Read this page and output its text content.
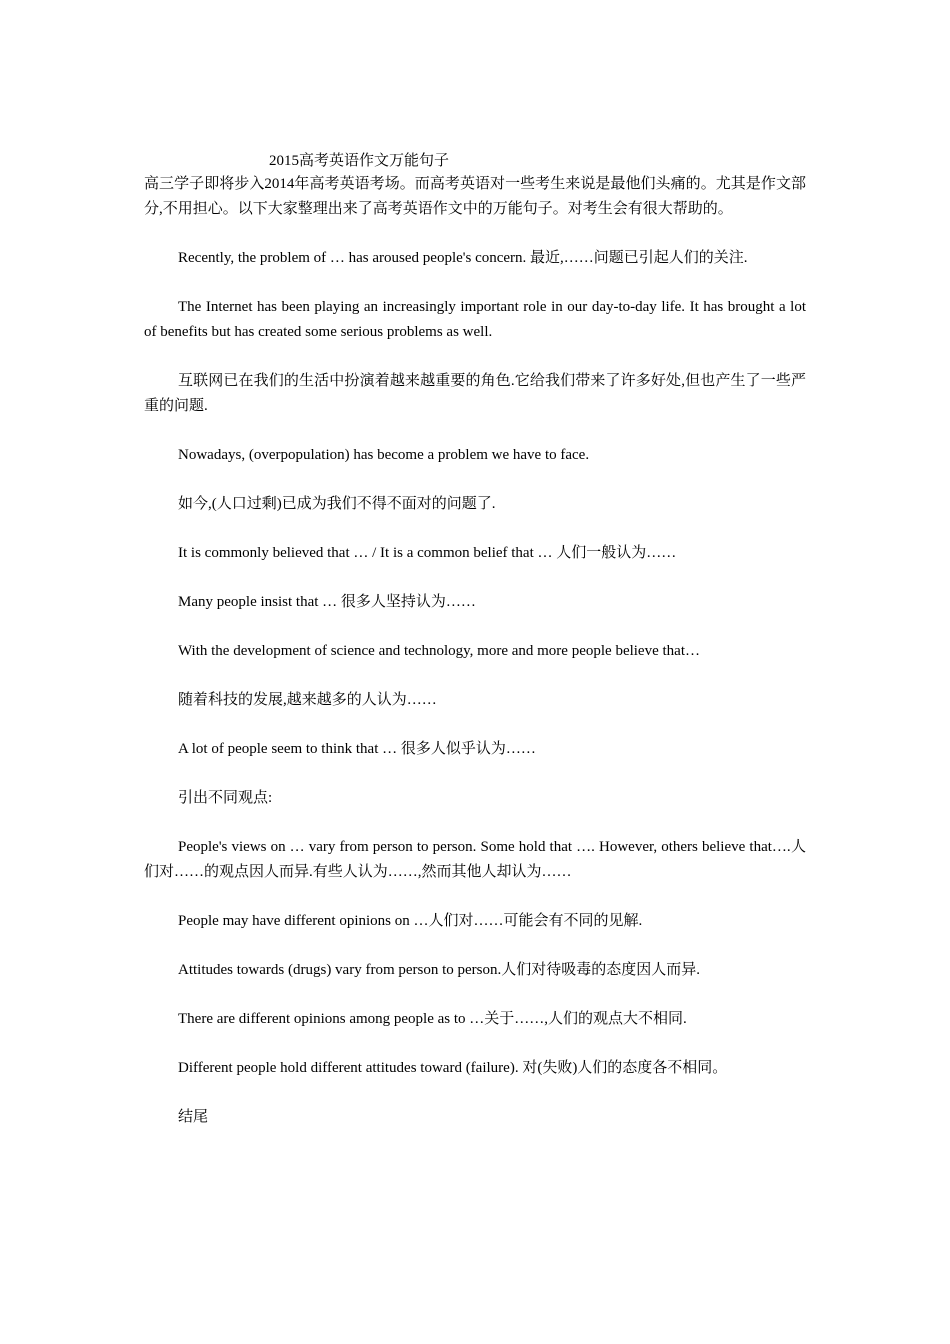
2015高考英语作文万能句子

高三学子即将步入2014年高考英语考场。而高考英语对一些考生来说是最他们头痛的。尤其是作文部分,不用担心。以下大家整理出来了高考英语作文中的万能句子。对考生会有很大帮助的。

Recently, the problem of … has aroused people's concern. 最近,……问题已引起人们的关注.

The Internet has been playing an increasingly important role in our day-to-day life. It has brought a lot of benefits but has created some serious problems as well.

互联网已在我们的生活中扮演着越来越重要的角色.它给我们带来了许多好处,但也产生了一些严重的问题.

Nowadays, (overpopulation) has become a problem we have to face.

如今,(人口过剩)已成为我们不得不面对的问题了.

It is commonly believed that … / It is a common belief that … 人们一般认为……

Many people insist that … 很多人坚持认为……

With the development of science and technology, more and more people believe that…

随着科技的发展,越来越多的人认为……

A lot of people seem to think that … 很多人似乎认为……

引出不同观点:

People's views on … vary from person to person. Some hold that …. However, others believe that….人们对……的观点因人而异.有些人认为……,然而其他人却认为……

People may have different opinions on …人们对……可能会有不同的见解.

Attitudes towards (drugs) vary from person to person.人们对待吸毒的态度因人而异.

There are different opinions among people as to …关于……,人们的观点大不相同.

Different people hold different attitudes toward (failure). 对(失败)人们的态度各不相同。

结尾
